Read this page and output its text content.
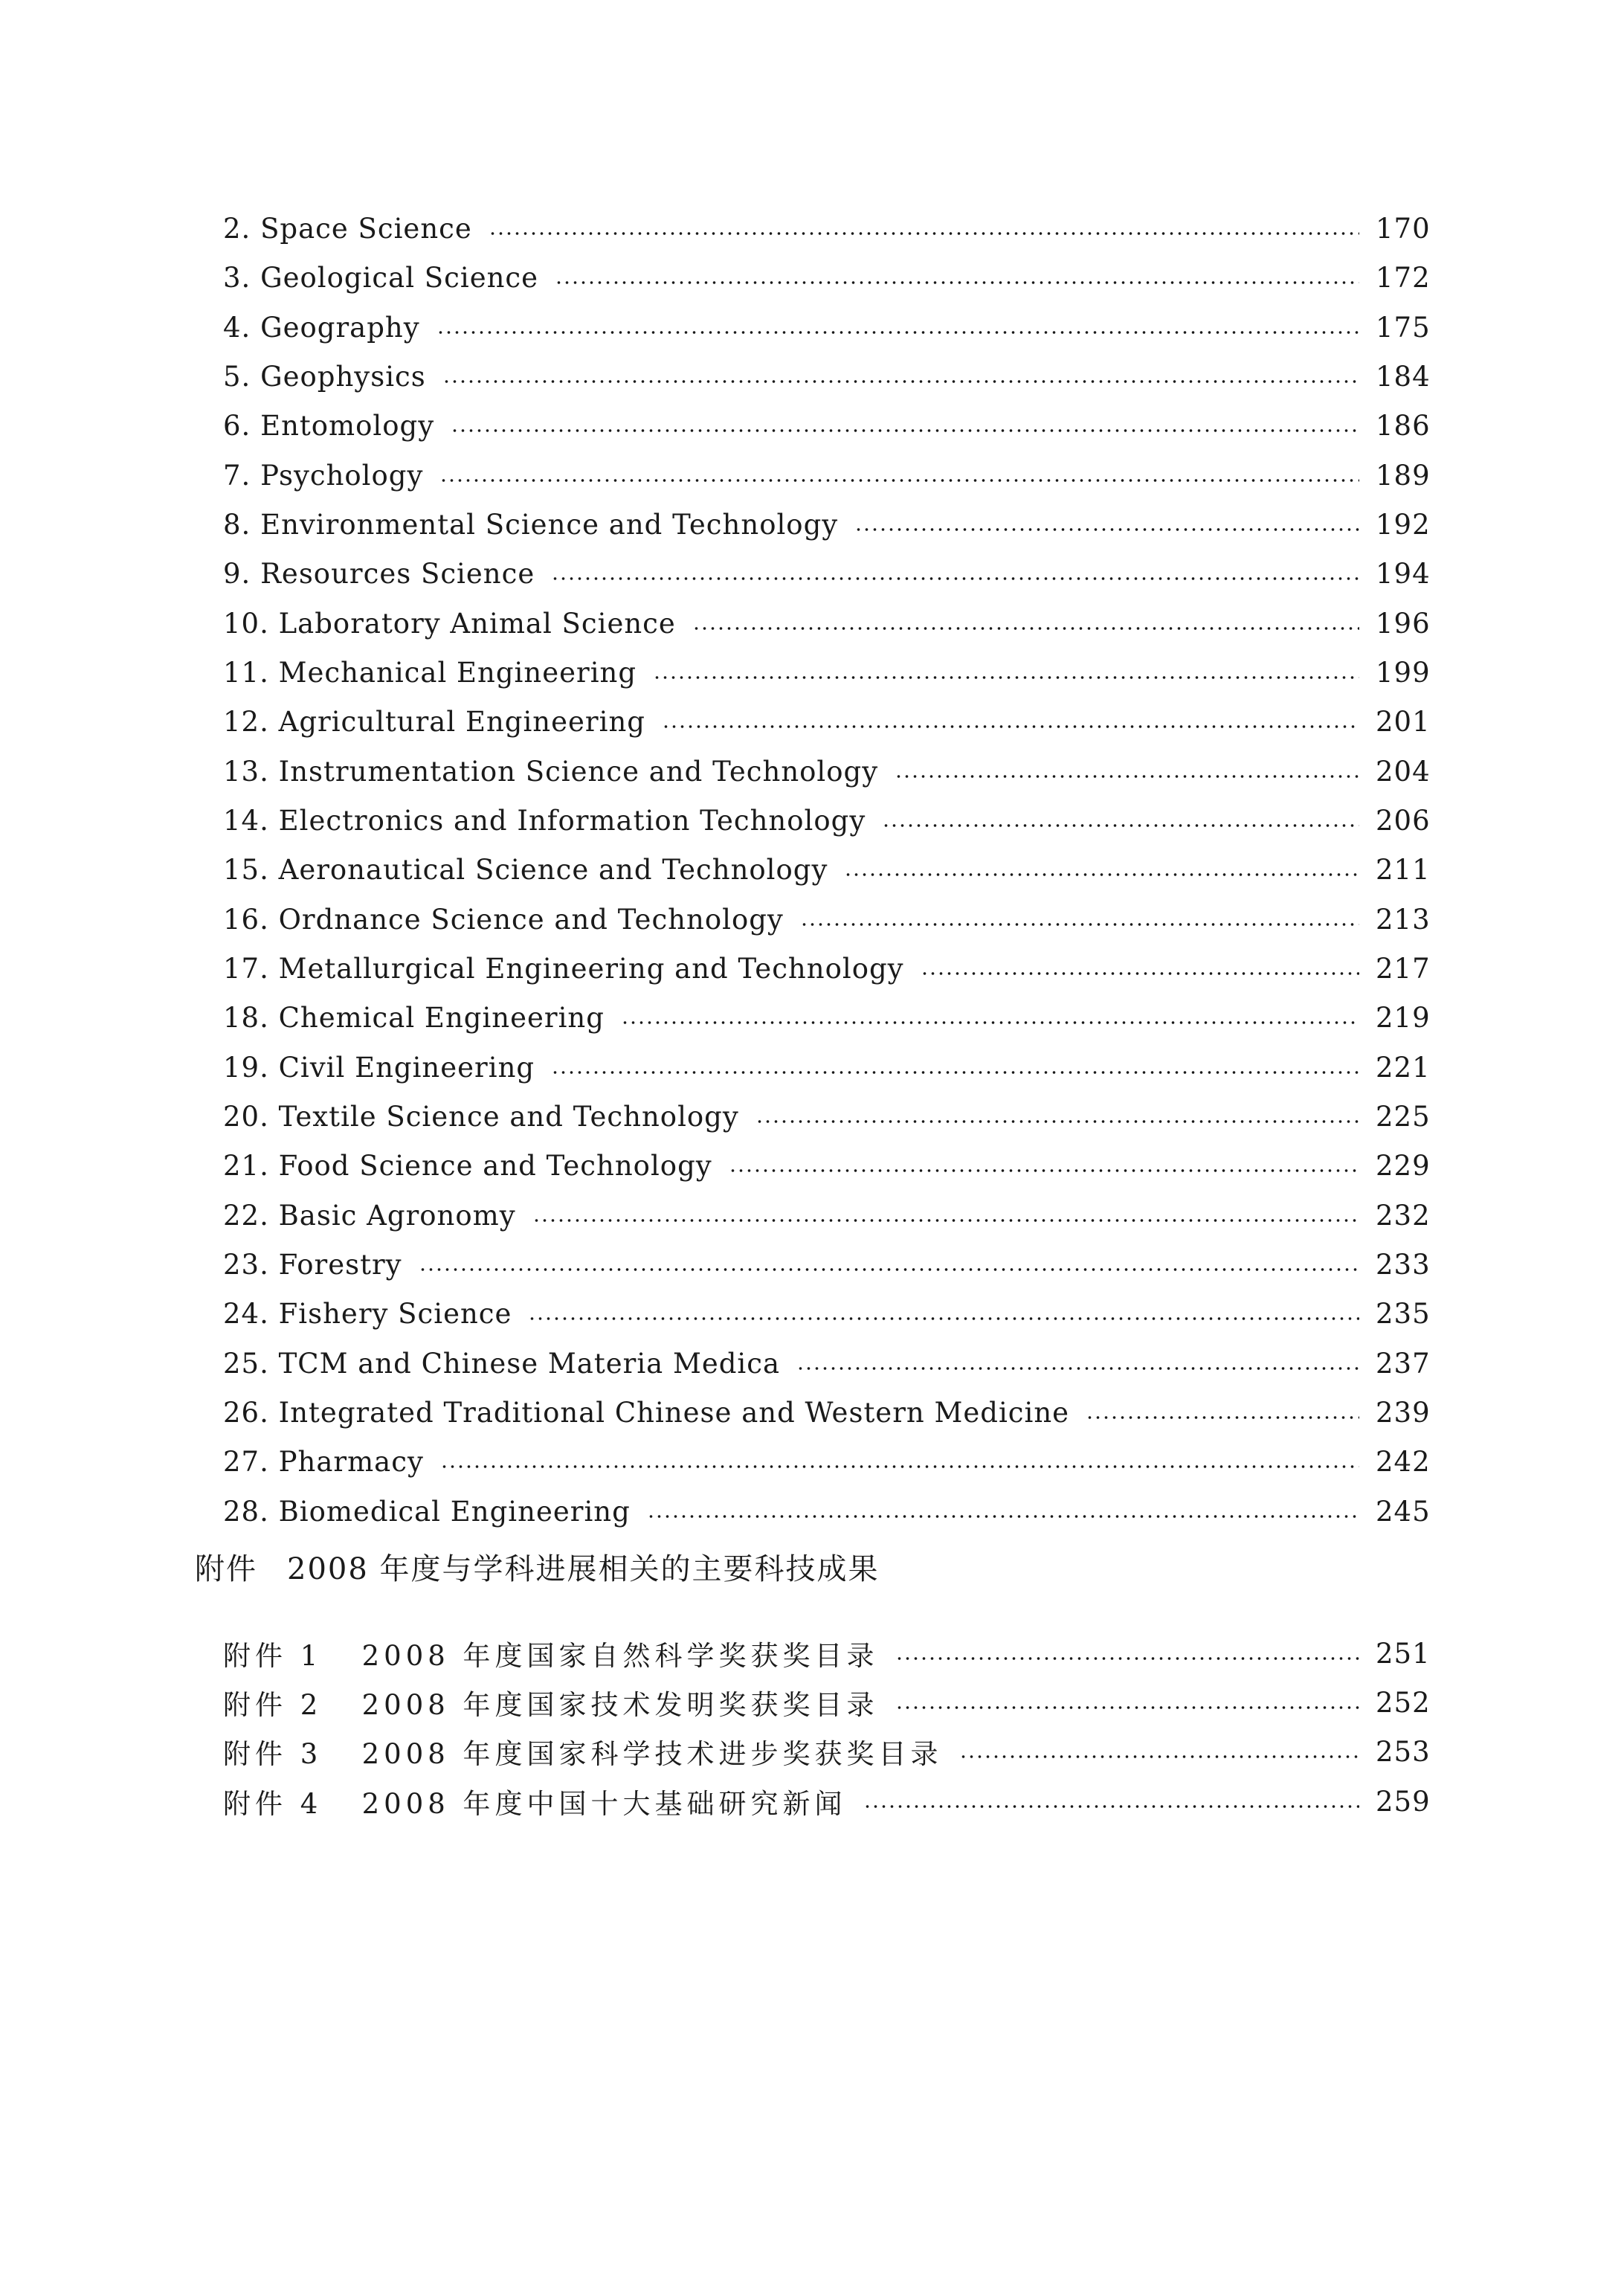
2. Space Science	170
3. Geological Science	172
4. Geography	175
5. Geophysics	184
6. Entomology	186
7. Psychology	189
8. Environmental Science and Technology	192
9. Resources Science	194
10. Laboratory Animal Science	196
11. Mechanical Engineering	199
12. Agricultural Engineering	201
13. Instrumentation Science and Technology	204
14. Electronics and Information Technology	206
15. Aeronautical Science and Technology	211
16. Ordnance Science and Technology	213
17. Metallurgical Engineering and Technology	217
18. Chemical Engineering	219
19. Civil Engineering	221
20. Textile Science and Technology	225
21. Food Science and Technology	229
22. Basic Agronomy	232
23. Forestry	233
24. Fishery Science	235
25. TCM and Chinese Materia Medica	237
26. Integrated Traditional Chinese and Western Medicine	239
27. Pharmacy	242
28. Biomedical Engineering	245
附件 2008 年度与学科进展相关的主要科技成果
附件 1 2008 年度国家自然科学奖获奖目录	251
附件 2 2008 年度国家技术发明奖获奖目录	252
附件 3 2008 年度国家科学技术进步奖获奖目录	253
附件 4 2008 年度中国十大基础研究新闻	259
